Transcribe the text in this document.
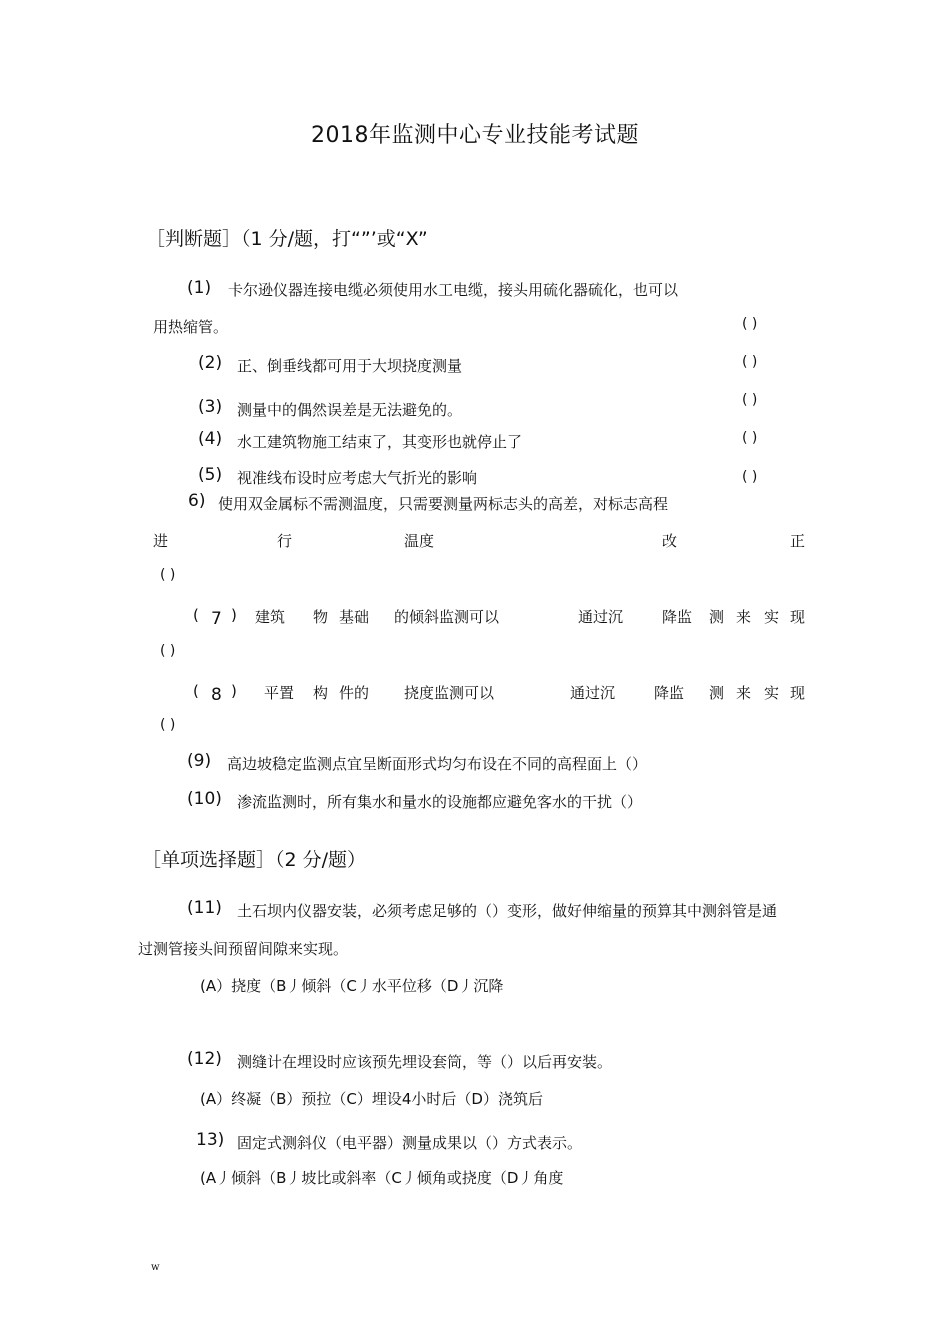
2018年监测中心专业技能考试题
［判断题］（1 分/题，打“”’或“X”
(1) 卡尔逊仪器连接电缆必须使用水工电缆，接头用硫化器硫化，也可以
用热缩管。	( )
(2) 正、倒垂线都可用于大坝挠度测量	( )
(3) 测量中的偶然误差是无法避免的。
( )
(4) 水工建筑物施工结束了，其变形也就停止了	( )
(5) 视准线布设时应考虑大气折光的影响	( )
6) 使用双金属标不需测温度，只需要测量两标志头的高差，对标志高程
进	行	温度	改	正
( )
( 7 ) 建筑 物 基础 的倾斜监测可以	通过沉	降监 测 来 实 现
( )
( 8 ) 平置 构 件的 挠度监测可以	通过沉	降监 测 来 实 现
( )
(9) 高边坡稳定监测点宜呈断面形式均匀布设在不同的高程面上（）
(10) 渗流监测时，所有集水和量水的设施都应避免客水的干扰（）
［单项选择题］（2 分/题）
(11) 土石坝内仪器安装，必须考虑足够的（）变形，做好伸缩量的预算其中测斜管是通
过测管接头间预留间隙来实现。
(A）挠度（B丿倾斜（C丿水平位移（D丿沉降
(12) 测缝计在埋设时应该预先埋设套筒，等（）以后再安装。
(A）终凝（B）预拉（C）埋设4小时后（D）浇筑后
13) 固定式测斜仪（电平器）测量成果以（）方式表示。
(A丿倾斜（B丿坡比或斜率（C丿倾角或挠度（D丿角度
w
